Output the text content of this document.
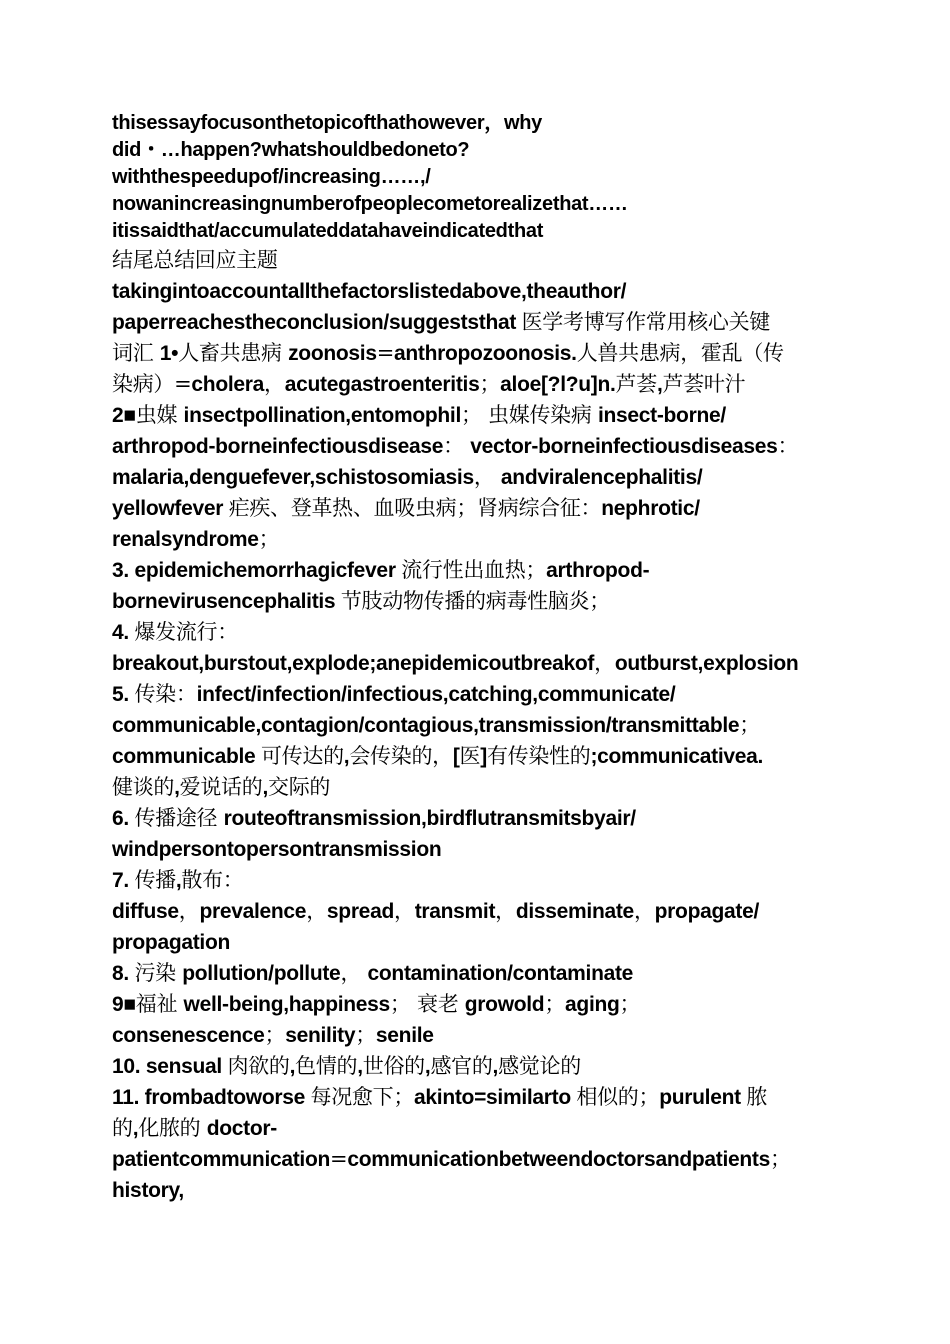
thisessayfocusonthetopicofthathowever，why
did・…happen?whatshouldbedoneto?
withthespeedupof/increasing……,/
nowanincreasingnumberofpeoplecometorealizethat……
itissaidthat/accumulateddatahaveindicatedthat
结尾总结回应主题
takingintoaccountallthefactorslistedabove,theauthor/
paperreachestheconclusion/suggeststhat 医学考博写作常用核心关键
词汇 1•人畜共患病 zoonosis=anthropozoonosis.人兽共患病，霍乱（传
染病）=cholera，acutegastroenteritis；aloe[?l?u]n.芦荟,芦荟叶汁
2■虫媒 insectpollination,entomophil； 虫媒传染病 insect-borne/
arthropod-borneinfectiousdisease： vector-borneinfectiousdiseases：
malaria,denguefever,schistosomiasis， andviralencephalitis/
yellowfever 疟疾、登革热、血吸虫病；肾病综合征：nephrotic/
renalsyndrome；
3. epidemichemorrhagicfever 流行性出血热；arthropod-
bornevirusencephalitis 节肢动物传播的病毒性脑炎；
4. 爆发流行：
breakout,burstout,explode;anepidemicoutbreakof，outburst,explosion
5. 传染：infect/infection/infectious,catching,communicate/
communicable,contagion/contagious,transmission/transmittable；
communicable 可传达的,会传染的，[医]有传染性的;communicativea.
健谈的,爱说话的,交际的
6. 传播途径 routeoftransmission,birdflutransmitsbyair/
windpersontopersontransmission
7. 传播,散布：
diffuse，prevalence，spread，transmit，disseminate，propagate/
propagation
8. 污染 pollution/pollute， contamination/contaminate
9■福祉 well-being,happiness； 衰老 growold；aging；
consenescence；senility；senile
10. sensual 肉欲的,色情的,世俗的,感官的,感觉论的
11. frombadtoworse 每况愈下；akinto=similarto 相似的；purulent 脓
的,化脓的 doctor-
patientcommunication=communicationbetweendoctorsandpatients；
history,
